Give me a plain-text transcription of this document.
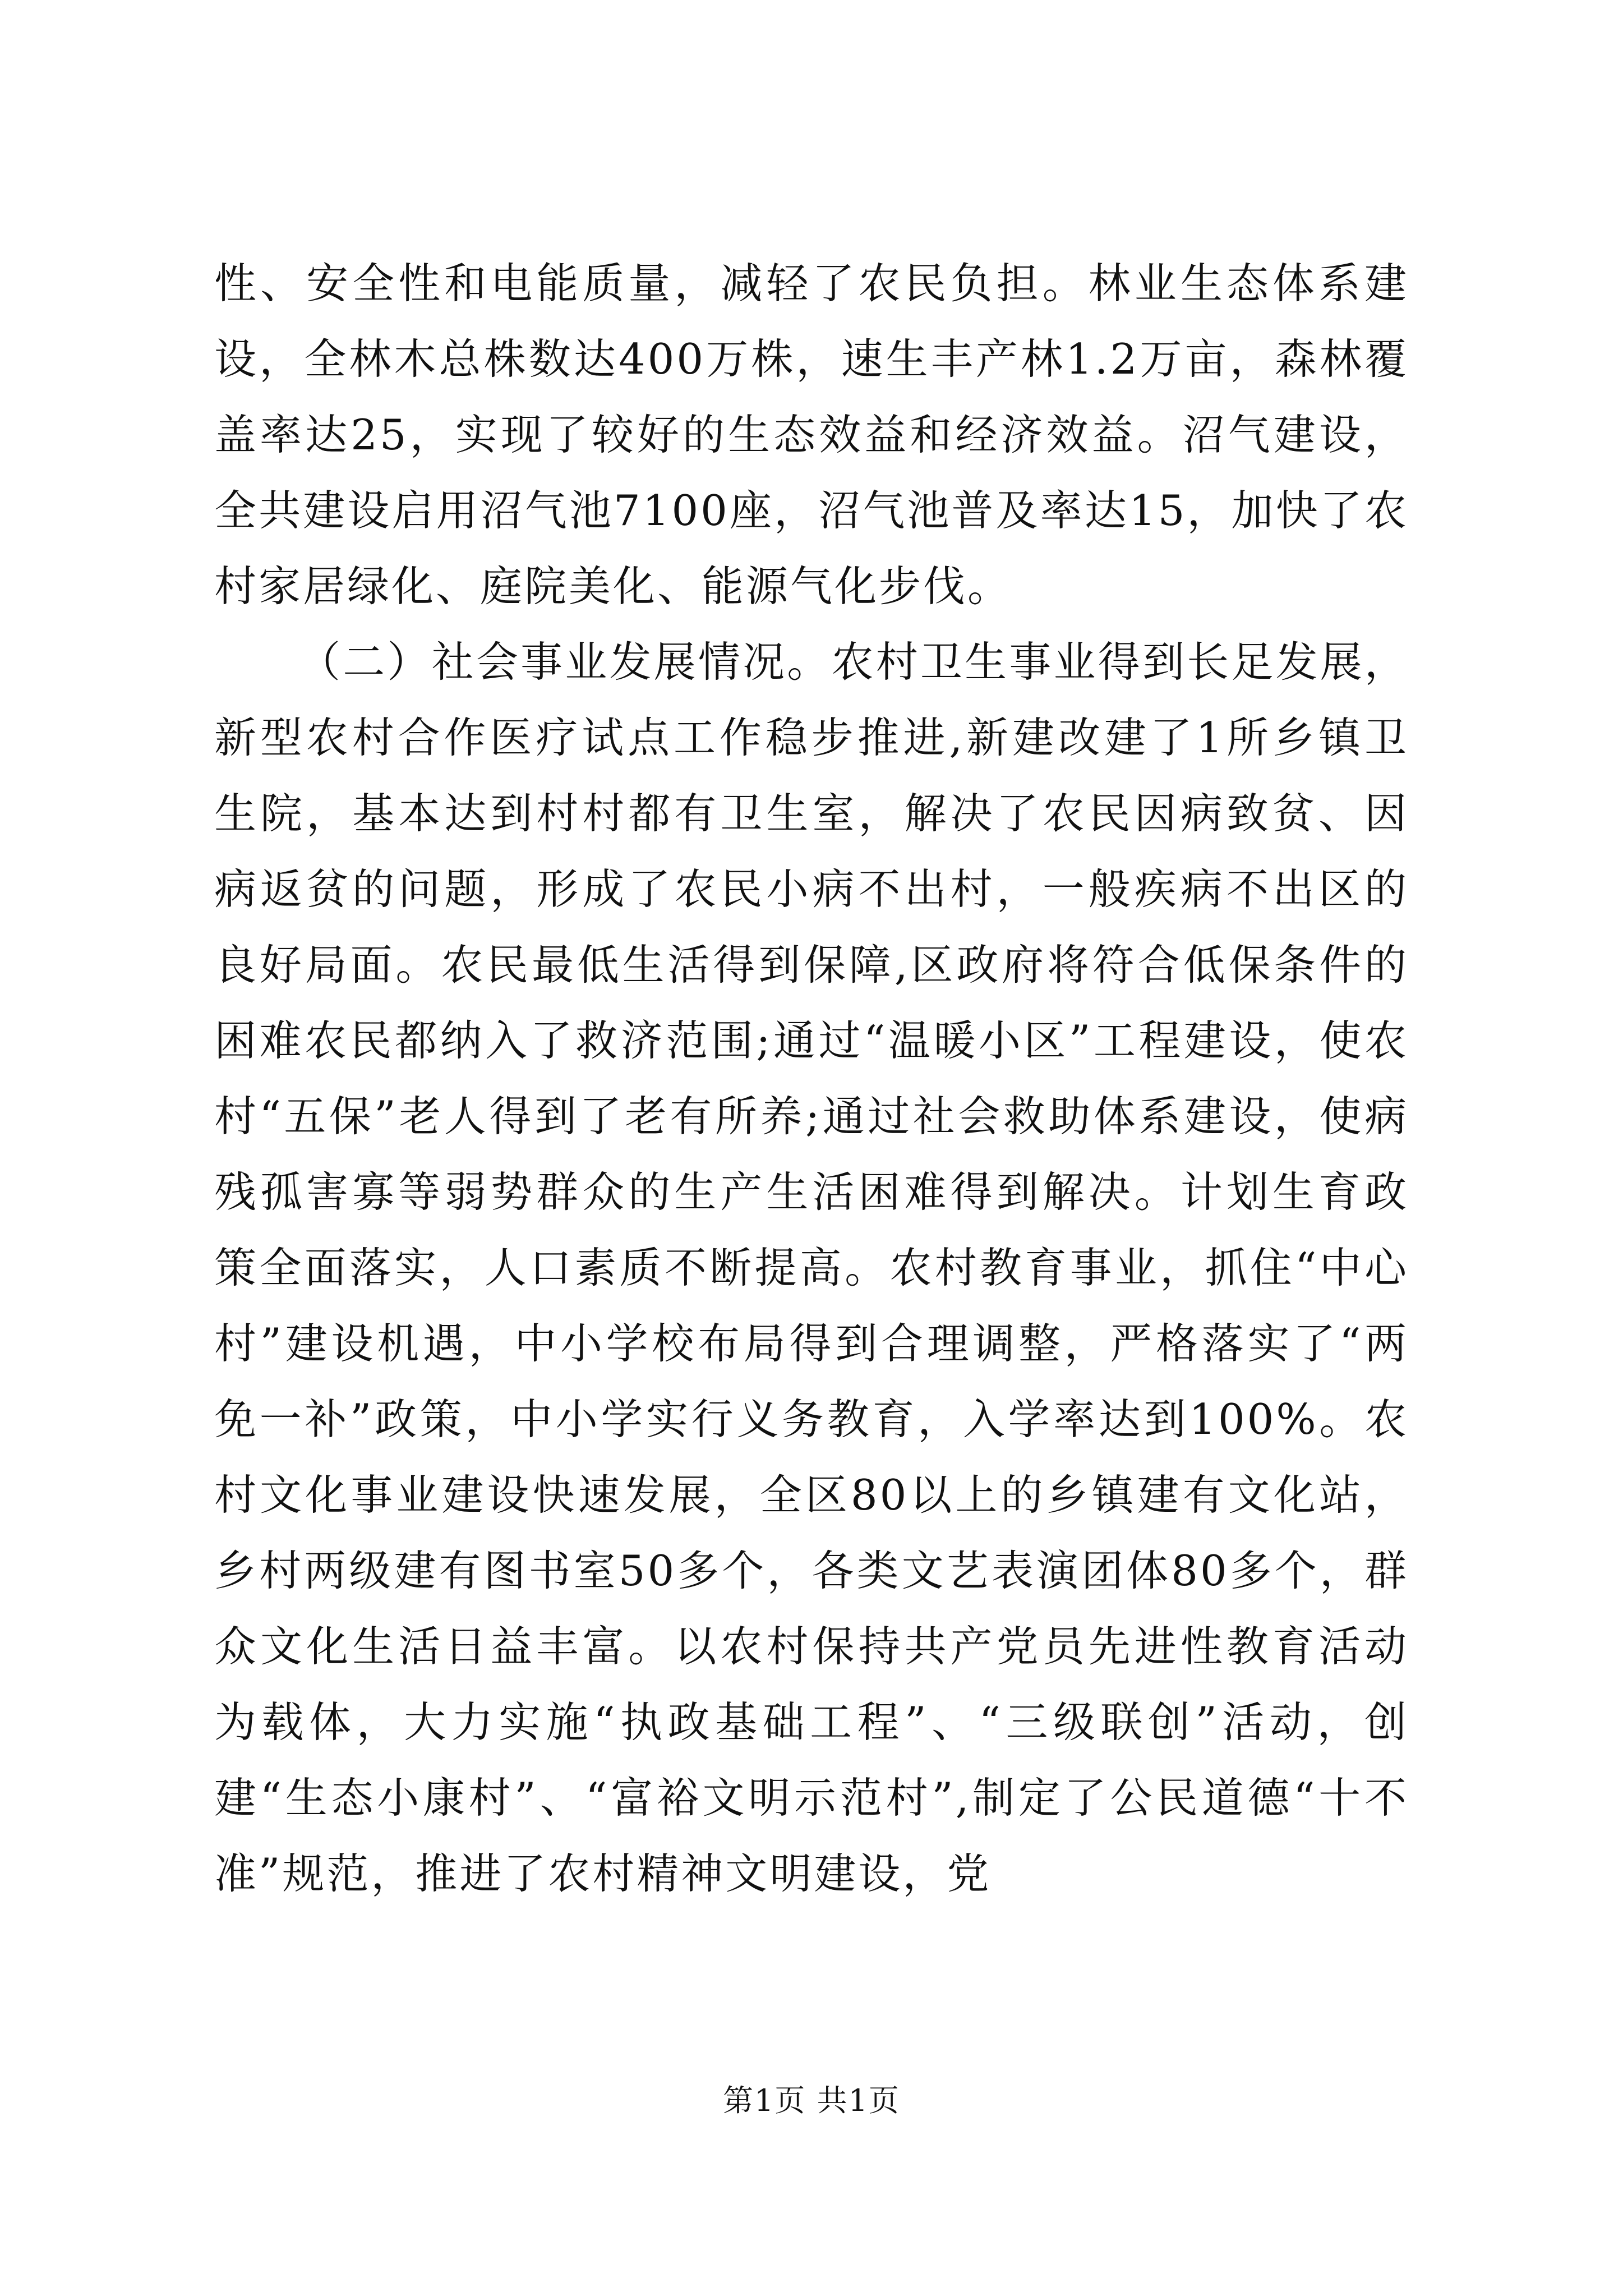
性、安全性和电能质量，减轻了农民负担。林业生态体系建设，全林木总株数达400万株，速生丰产林1.2万亩，森林覆盖率达25，实现了较好的生态效益和经济效益。沼气建设，全共建设启用沼气池7100座，沼气池普及率达15，加快了农村家居绿化、庭院美化、能源气化步伐。

（二）社会事业发展情况。农村卫生事业得到长足发展，新型农村合作医疗试点工作稳步推进,新建改建了1所乡镇卫生院，基本达到村村都有卫生室，解决了农民因病致贫、因病返贫的问题，形成了农民小病不出村，一般疾病不出区的良好局面。农民最低生活得到保障,区政府将符合低保条件的困难农民都纳入了救济范围;通过“温暖小区”工程建设，使农村“五保”老人得到了老有所养;通过社会救助体系建设，使病残孤害寡等弱势群众的生产生活困难得到解决。计划生育政策全面落实，人口素质不断提高。农村教育事业，抓住“中心村”建设机遇，中小学校布局得到合理调整，严格落实了“两免一补”政策，中小学实行义务教育，入学率达到100%。农村文化事业建设快速发展，全区80以上的乡镇建有文化站，乡村两级建有图书室50多个，各类文艺表演团体80多个，群众文化生活日益丰富。以农村保持共产党员先进性教育活动为载体，大力实施“执政基础工程”、“三级联创”活动，创建“生态小康村”、“富裕文明示范村”,制定了公民道德“十不准”规范，推进了农村精神文明建设，党

第1页 共1页
